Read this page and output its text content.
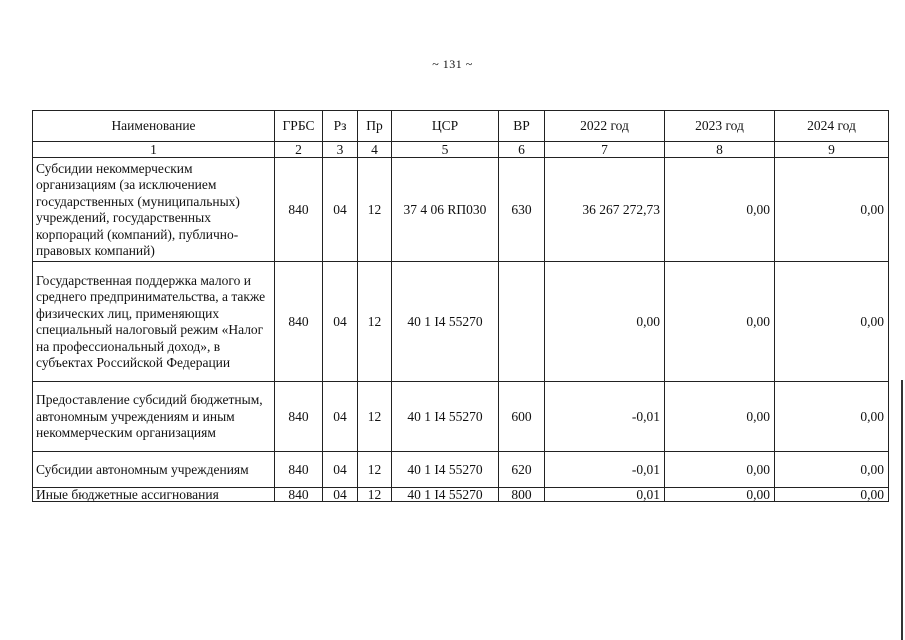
~ 131 ~
Наименование	ГРБС	Рз	Пр	ЦСР	ВР	2022 год	2023 год	2024 год
1	2	3	4	5	6	7	8	9
Субсидии некоммерческим организациям (за исключением государственных (муниципальных) учреждений, государственных корпораций (компаний), публично-правовых компаний)	840	04	12	37 4 06 RП030	630	36 267 272,73	0,00	0,00
Государственная поддержка малого и среднего предпринимательства, а также физических лиц, применяющих специальный налоговый режим «Налог на профессиональный доход», в субъектах Российской Федерации	840	04	12	40 1 I4 55270		0,00	0,00	0,00
Предоставление субсидий бюджетным, автономным учреждениям и иным некоммерческим организациям	840	04	12	40 1 I4 55270	600	-0,01	0,00	0,00
Субсидии автономным учреждениям	840	04	12	40 1 I4 55270	620	-0,01	0,00	0,00
Иные бюджетные ассигнования	840	04	12	40 1 I4 55270	800	0,01	0,00	0,00
